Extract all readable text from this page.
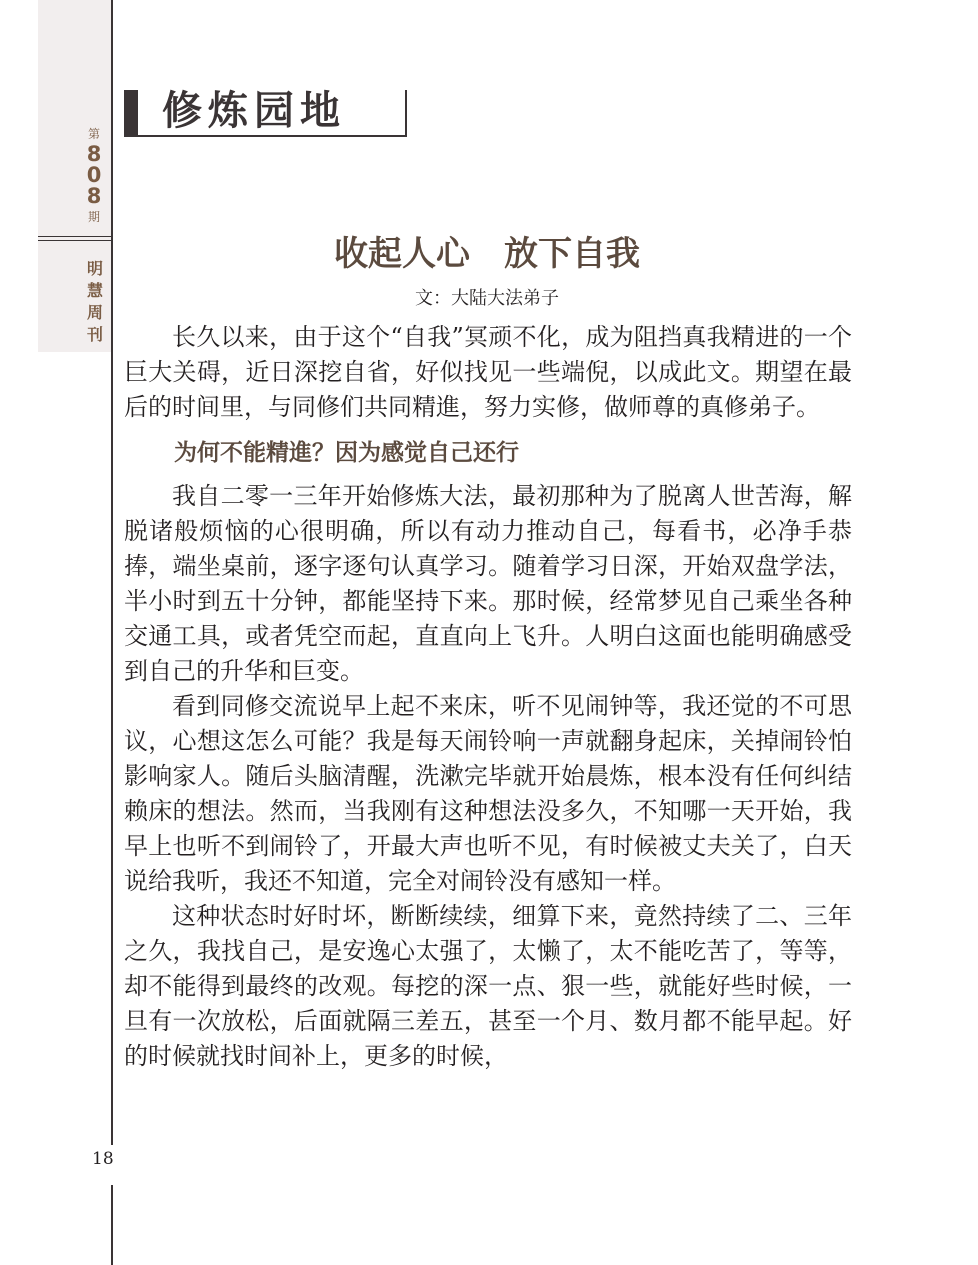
第
808
期
明慧周刊
18
修炼园地
收起人心　放下自我
文：大陆大法弟子

长久以来，由于这个“自我”冥顽不化，成为阻挡真我精进的一个巨大关碍，近日深挖自省，好似找见一些端倪，以成此文。期望在最后的时间里，与同修们共同精進，努力实修，做师尊的真修弟子。

为何不能精進？因为感觉自己还行

我自二零一三年开始修炼大法，最初那种为了脱离人世苦海，解脱诸般烦恼的心很明确，所以有动力推动自己，每看书，必净手恭捧，端坐桌前，逐字逐句认真学习。随着学习日深，开始双盘学法，半小时到五十分钟，都能坚持下来。那时候，经常梦见自己乘坐各种交通工具，或者凭空而起，直直向上飞升。人明白这面也能明确感受到自己的升华和巨变。

看到同修交流说早上起不来床，听不见闹钟等，我还觉的不可思议，心想这怎么可能？我是每天闹铃响一声就翻身起床，关掉闹铃怕影响家人。随后头脑清醒，洗漱完毕就开始晨炼，根本没有任何纠结赖床的想法。然而，当我刚有这种想法没多久，不知哪一天开始，我早上也听不到闹铃了，开最大声也听不见，有时候被丈夫关了，白天说给我听，我还不知道，完全对闹铃没有感知一样。

这种状态时好时坏，断断续续，细算下来，竟然持续了二、三年之久，我找自己，是安逸心太强了，太懒了，太不能吃苦了，等等，却不能得到最终的改观。每挖的深一点、狠一些，就能好些时候，一旦有一次放松，后面就隔三差五，甚至一个月、数月都不能早起。好的时候就找时间补上，更多的时候，
